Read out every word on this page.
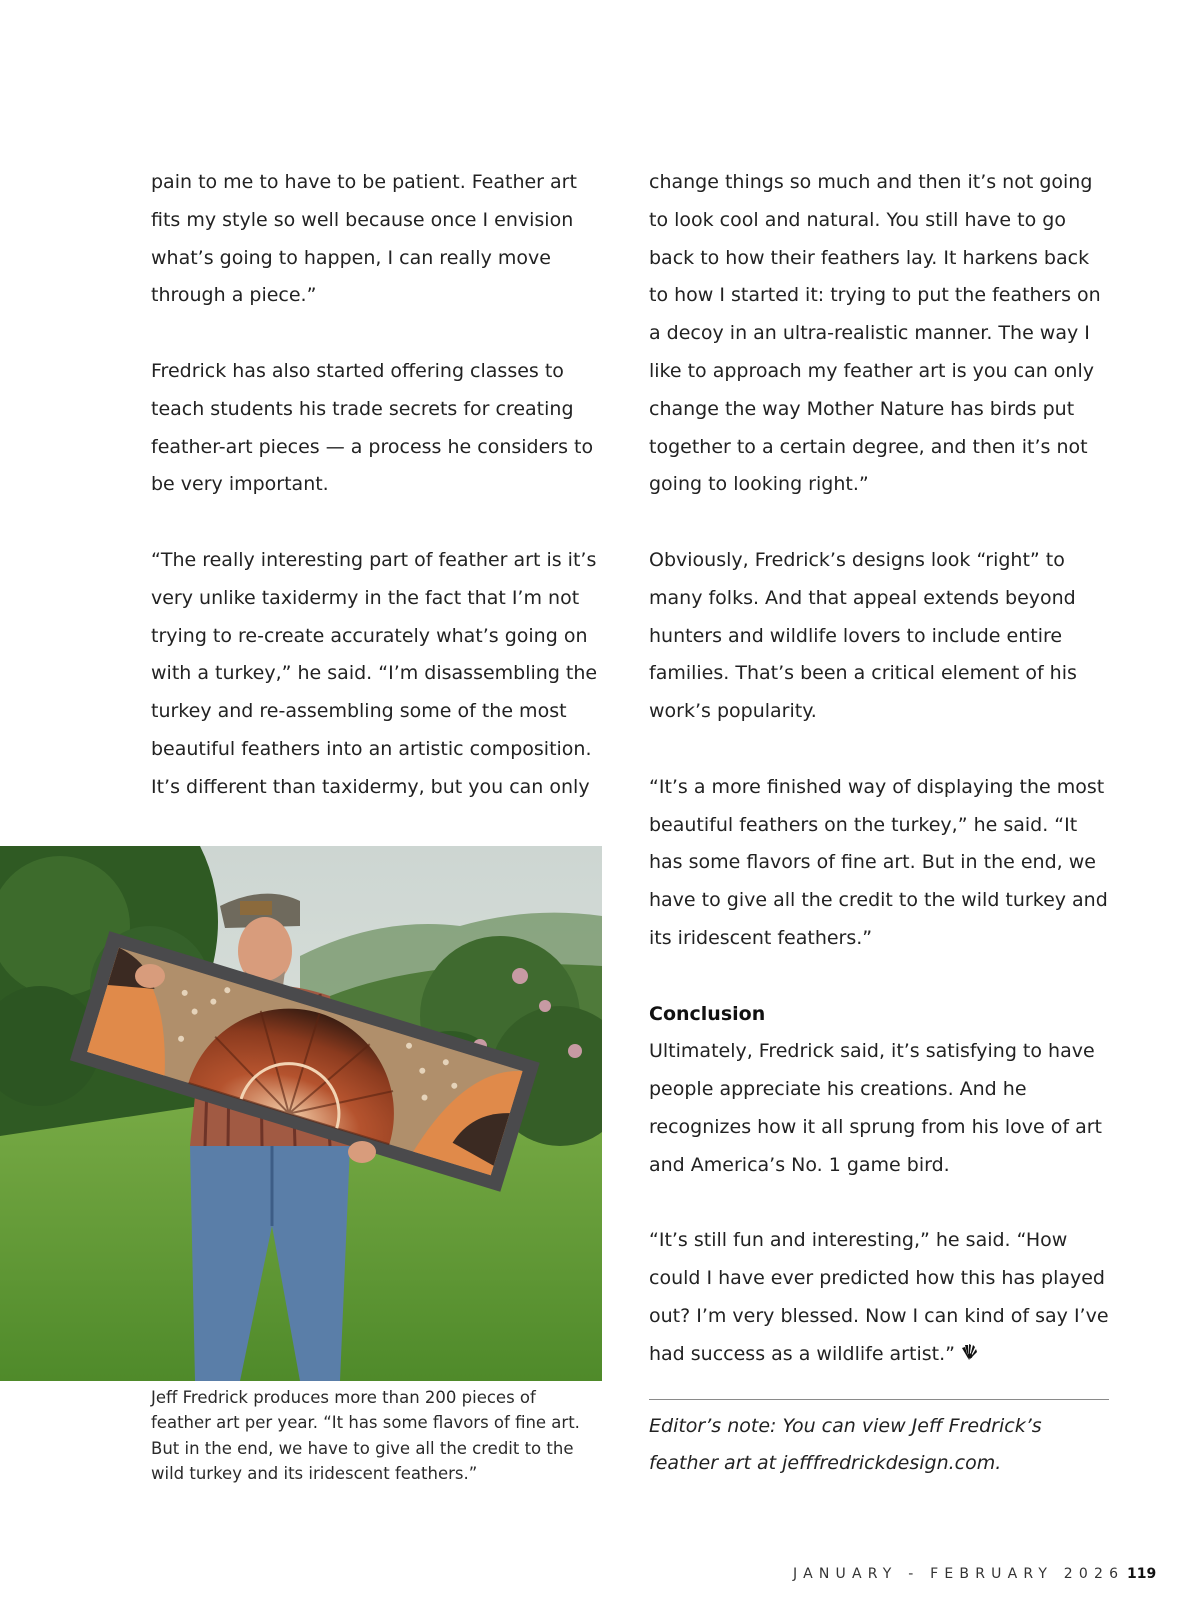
pain to me to have to be patient. Feather art fits my style so well because once I envision what’s going to happen, I can really move through a piece.”

Fredrick has also started offering classes to teach students his trade secrets for creating feather-art pieces — a process he considers to be very important.

“The really interesting part of feather art is it’s very unlike taxidermy in the fact that I’m not trying to re-create accurately what’s going on with a turkey,” he said. “I’m disassembling the turkey and re-assembling some of the most beautiful feathers into an artistic composition. It’s different than taxidermy, but you can only

change things so much and then it’s not going to look cool and natural. You still have to go back to how their feathers lay. It harkens back to how I started it: trying to put the feathers on a decoy in an ultra-realistic manner. The way I like to approach my feather art is you can only change the way Mother Nature has birds put together to a certain degree, and then it’s not going to looking right.”

Obviously, Fredrick’s designs look “right” to many folks. And that appeal extends beyond hunters and wildlife lovers to include entire families. That’s been a critical element of his work’s popularity.

“It’s a more finished way of displaying the most beautiful feathers on the turkey,” he said. “It has some flavors of fine art. But in the end, we have to give all the credit to the wild turkey and its iridescent feathers.”

Conclusion

Ultimately, Fredrick said, it’s satisfying to have people appreciate his creations. And he recognizes how it all sprung from his love of art and America’s No. 1 game bird.

“It’s still fun and interesting,” he said. “How could I have ever predicted how this has played out? I’m very blessed. Now I can kind of say I’ve had success as a wildlife artist.”

Editor’s note: You can view Jeff Fredrick’s feather art at jefffredrickdesign.com.

Jeff Fredrick produces more than 200 pieces of feather art per year. “It has some flavors of fine art. But in the end, we have to give all the credit to the wild turkey and its iridescent feathers.”

JANUARY - FEBRUARY 2026 119
